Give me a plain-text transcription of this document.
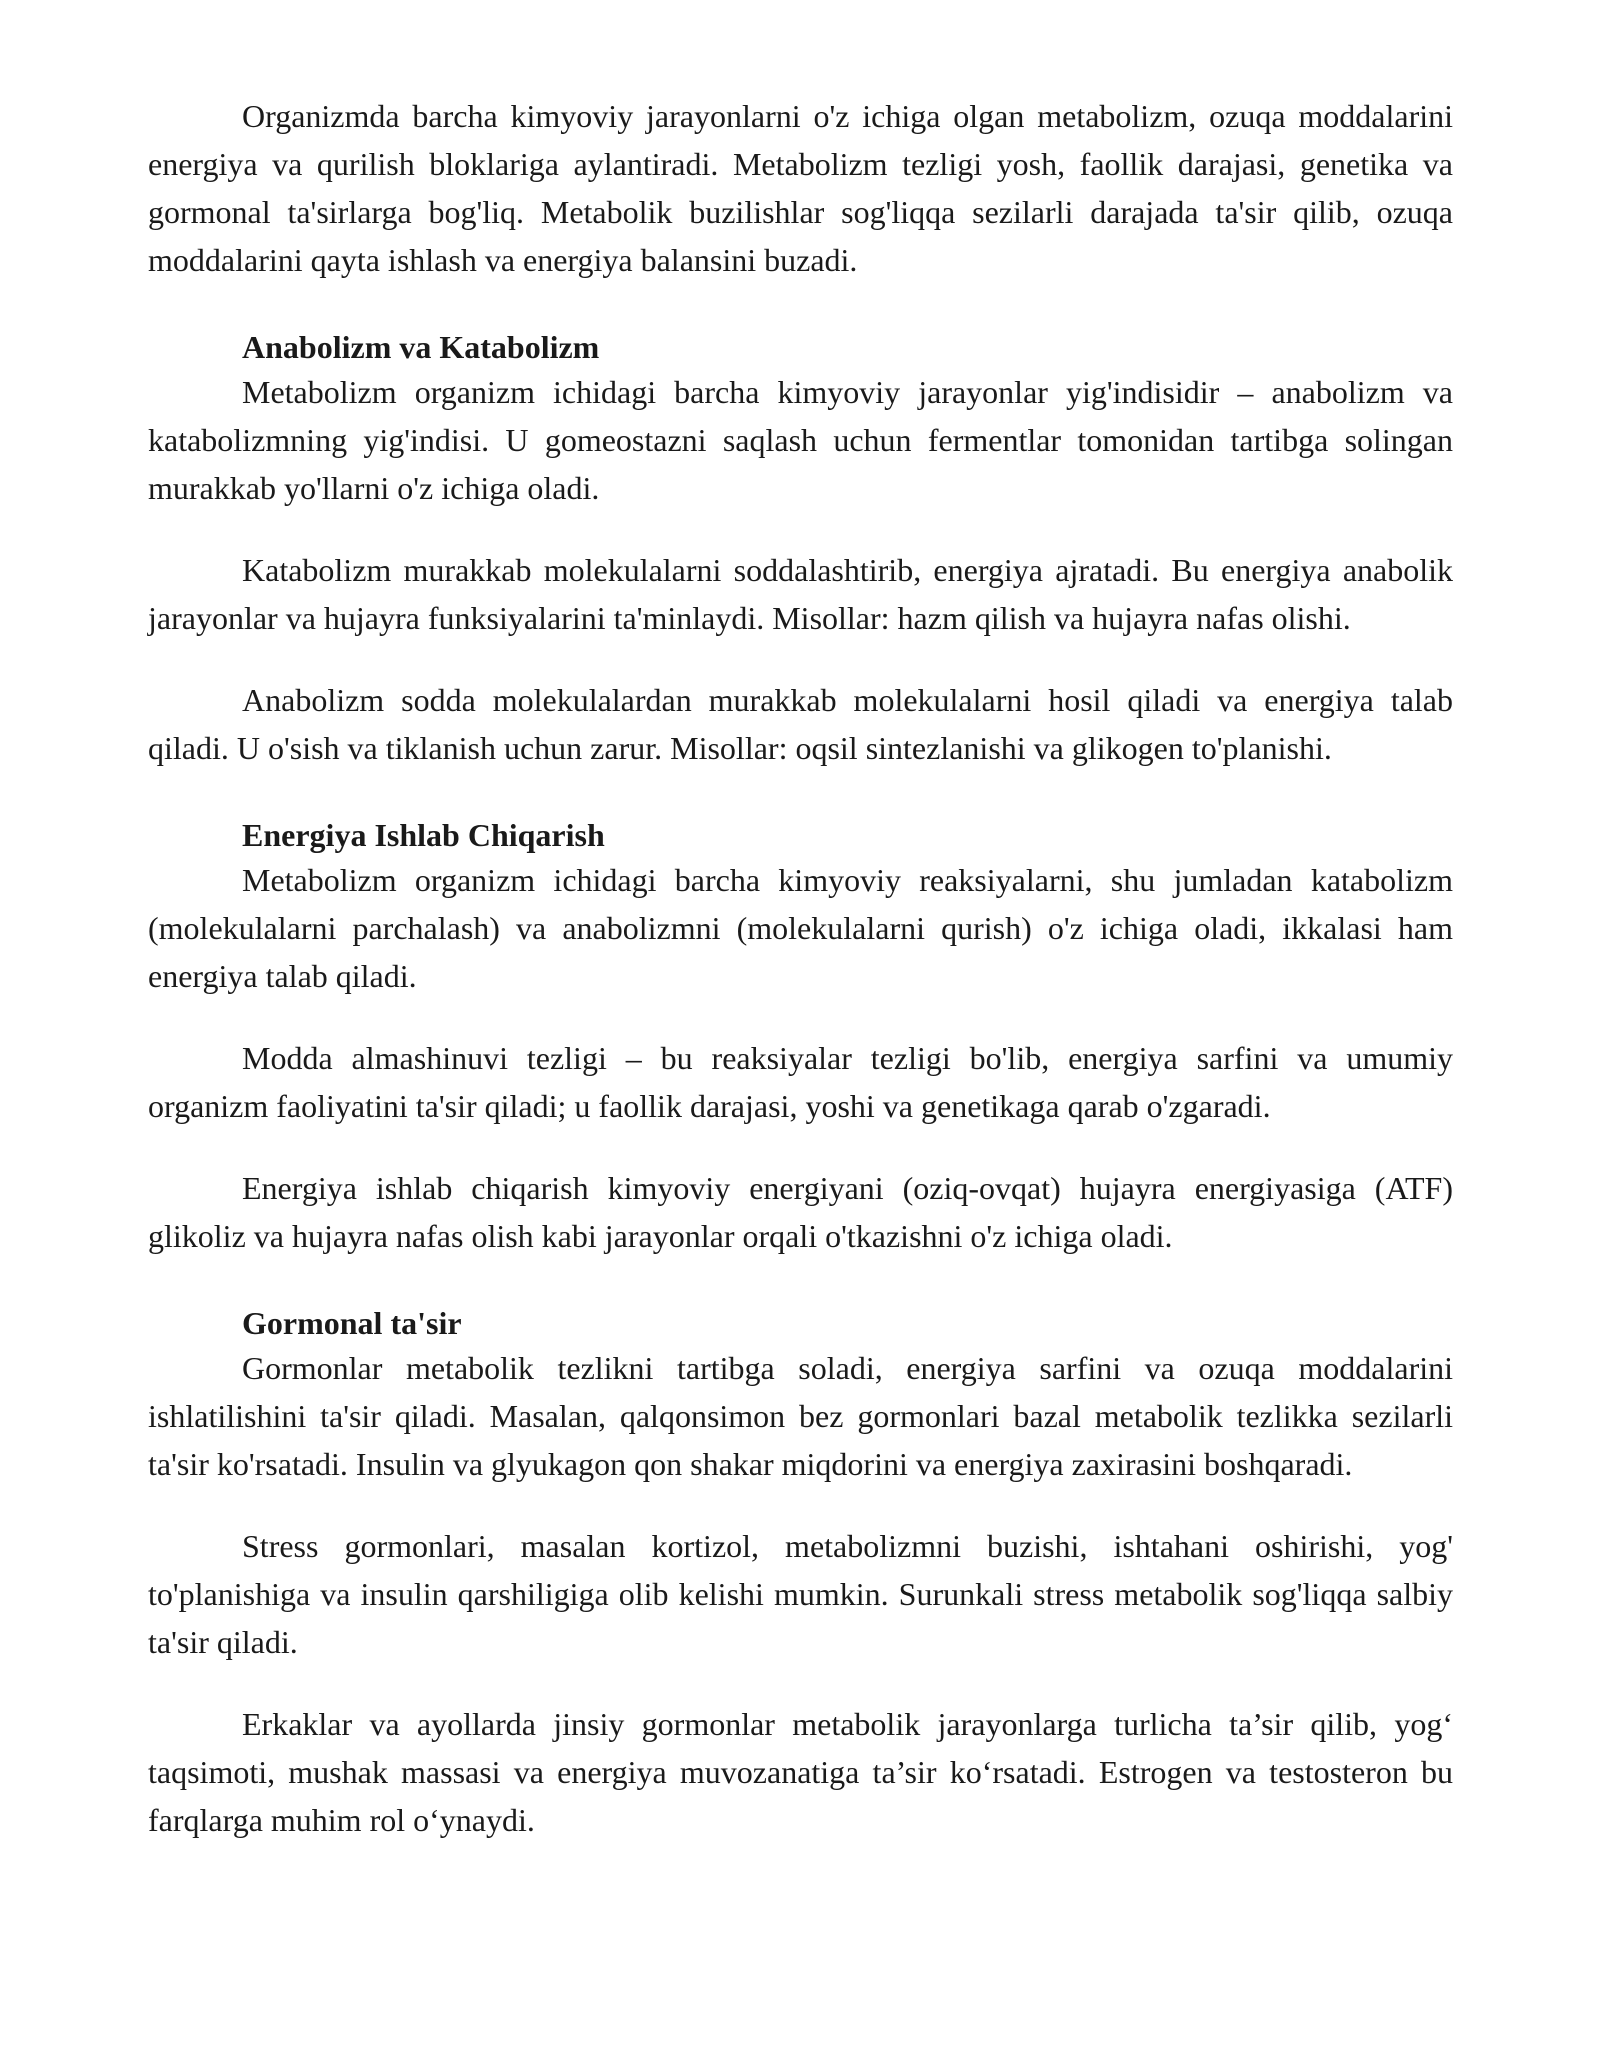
Organizmda barcha kimyoviy jarayonlarni o'z ichiga olgan metabolizm, ozuqa moddalarini energiya va qurilish bloklariga aylantiradi. Metabolizm tezligi yosh, faollik darajasi, genetika va gormonal ta'sirlarga bog'liq. Metabolik buzilishlar sog'liqqa sezilarli darajada ta'sir qilib, ozuqa moddalarini qayta ishlash va energiya balansini buzadi.

Anabolizm va Katabolizm

Metabolizm organizm ichidagi barcha kimyoviy jarayonlar yig'indisidir – anabolizm va katabolizmning yig'indisi. U gomeostazni saqlash uchun fermentlar tomonidan tartibga solingan murakkab yo'llarni o'z ichiga oladi.

Katabolizm murakkab molekulalarni soddalashtirib, energiya ajratadi. Bu energiya anabolik jarayonlar va hujayra funksiyalarini ta'minlaydi. Misollar: hazm qilish va hujayra nafas olishi.

Anabolizm sodda molekulalardan murakkab molekulalarni hosil qiladi va energiya talab qiladi. U o'sish va tiklanish uchun zarur. Misollar: oqsil sintezlanishi va glikogen to'planishi.

Energiya Ishlab Chiqarish

Metabolizm organizm ichidagi barcha kimyoviy reaksiyalarni, shu jumladan katabolizm (molekulalarni parchalash) va anabolizmni (molekulalarni qurish) o'z ichiga oladi, ikkalasi ham energiya talab qiladi.

Modda almashinuvi tezligi – bu reaksiyalar tezligi bo'lib, energiya sarfini va umumiy organizm faoliyatini ta'sir qiladi; u faollik darajasi, yoshi va genetikaga qarab o'zgaradi.

Energiya ishlab chiqarish kimyoviy energiyani (oziq-ovqat) hujayra energiyasiga (ATF) glikoliz va hujayra nafas olish kabi jarayonlar orqali o'tkazishni o'z ichiga oladi.

Gormonal ta'sir

Gormonlar metabolik tezlikni tartibga soladi, energiya sarfini va ozuqa moddalarini ishlatilishini ta'sir qiladi. Masalan, qalqonsimon bez gormonlari bazal metabolik tezlikka sezilarli ta'sir ko'rsatadi. Insulin va glyukagon qon shakar miqdorini va energiya zaxirasini boshqaradi.

Stress gormonlari, masalan kortizol, metabolizmni buzishi, ishtahani oshirishi, yog' to'planishiga va insulin qarshiligiga olib kelishi mumkin. Surunkali stress metabolik sog'liqqa salbiy ta'sir qiladi.

Erkaklar va ayollarda jinsiy gormonlar metabolik jarayonlarga turlicha ta’sir qilib, yog‘ taqsimoti, mushak massasi va energiya muvozanatiga ta’sir ko‘rsatadi. Estrogen va testosteron bu farqlarga muhim rol o‘ynaydi.
